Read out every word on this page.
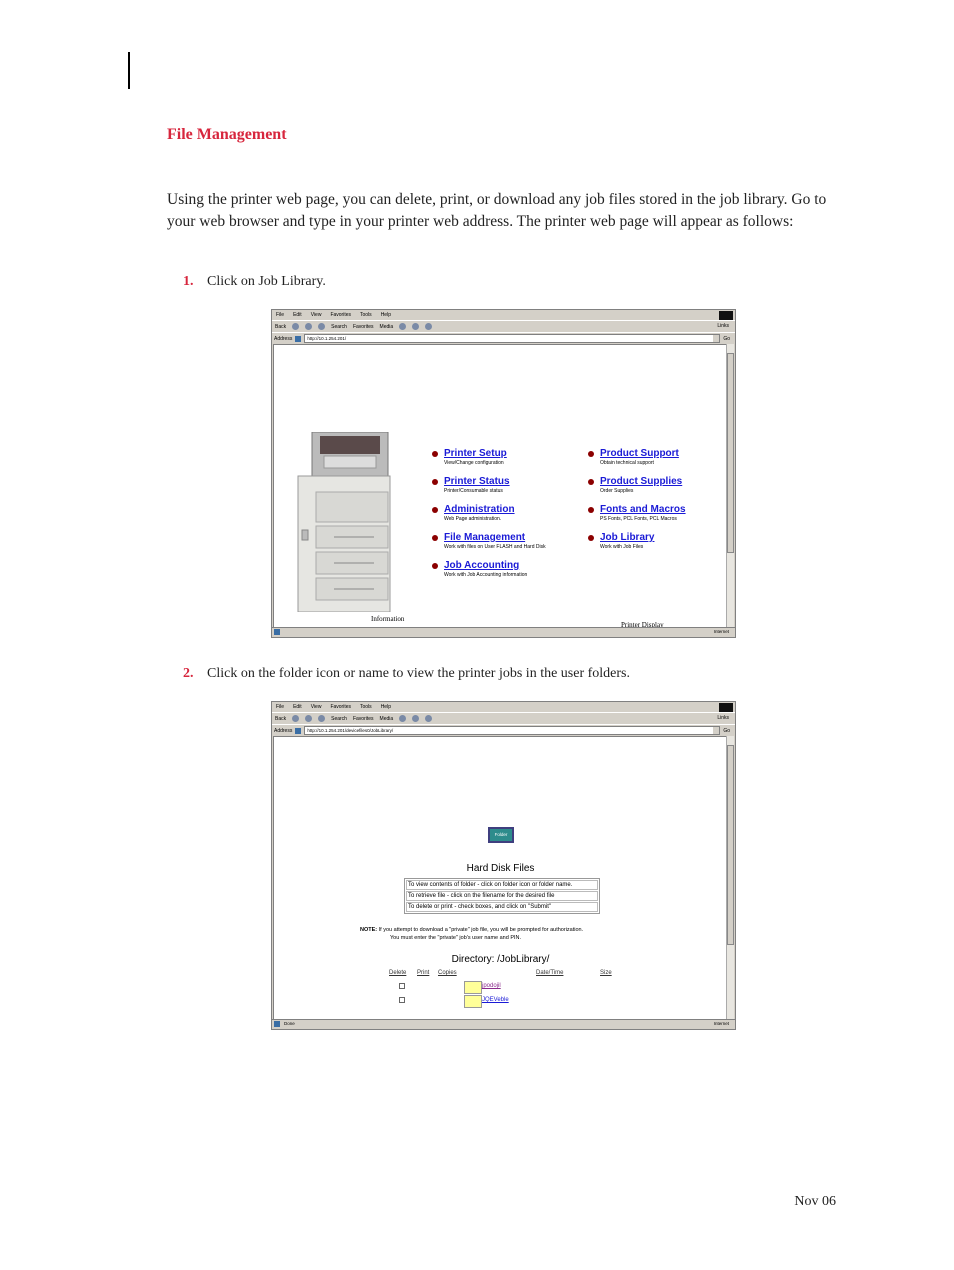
File Management

Using the printer web page, you can delete, print, or download any job files stored in the job library. Go to your web browser and type in your printer web address. The printer web page will appear as follows:

1. Click on Job Library.
File Edit View Favorites Tools Help
Back	Search Favorites Media	Links
Address	http://10.1.254.201/	Go
Printer Setup
View/Change configuration
Printer Status
Printer/Consumable status
Administration
Web Page administration.
File Management
Work with files on User FLASH and Hard Disk
Job Accounting
Work with Job Accounting information
Product Support
Obtain technical support
Product Supplies
Order Supplies
Fonts and Macros
PS Fonts, PCL Fonts, PCL Macros
Job Library
Work with Job Files
Information
Printer Display
Internet
2. Click on the folder icon or name to view the printer jobs in the user folders.
File Edit View Favorites Tools Help
Back	Search Favorites Media	Links
Address	http://10.1.254.201/devicefiles0/JobLibrary/	Go
Folder
Hard Disk Files
To view contents of folder - click on folder icon or folder name.
To retrieve file - click on the filename for the desired file
To delete or print - check boxes, and click on "Submit"
NOTE: If you attempt to download a "private" job file, you will be prompted for authorization.
You must enter the "private" job's user name and PIN.
Directory: /JobLibrary/
Delete Print Copies	Date/Time	Size
jpodojil
JQEVeble
Done	Internet
Nov 06
